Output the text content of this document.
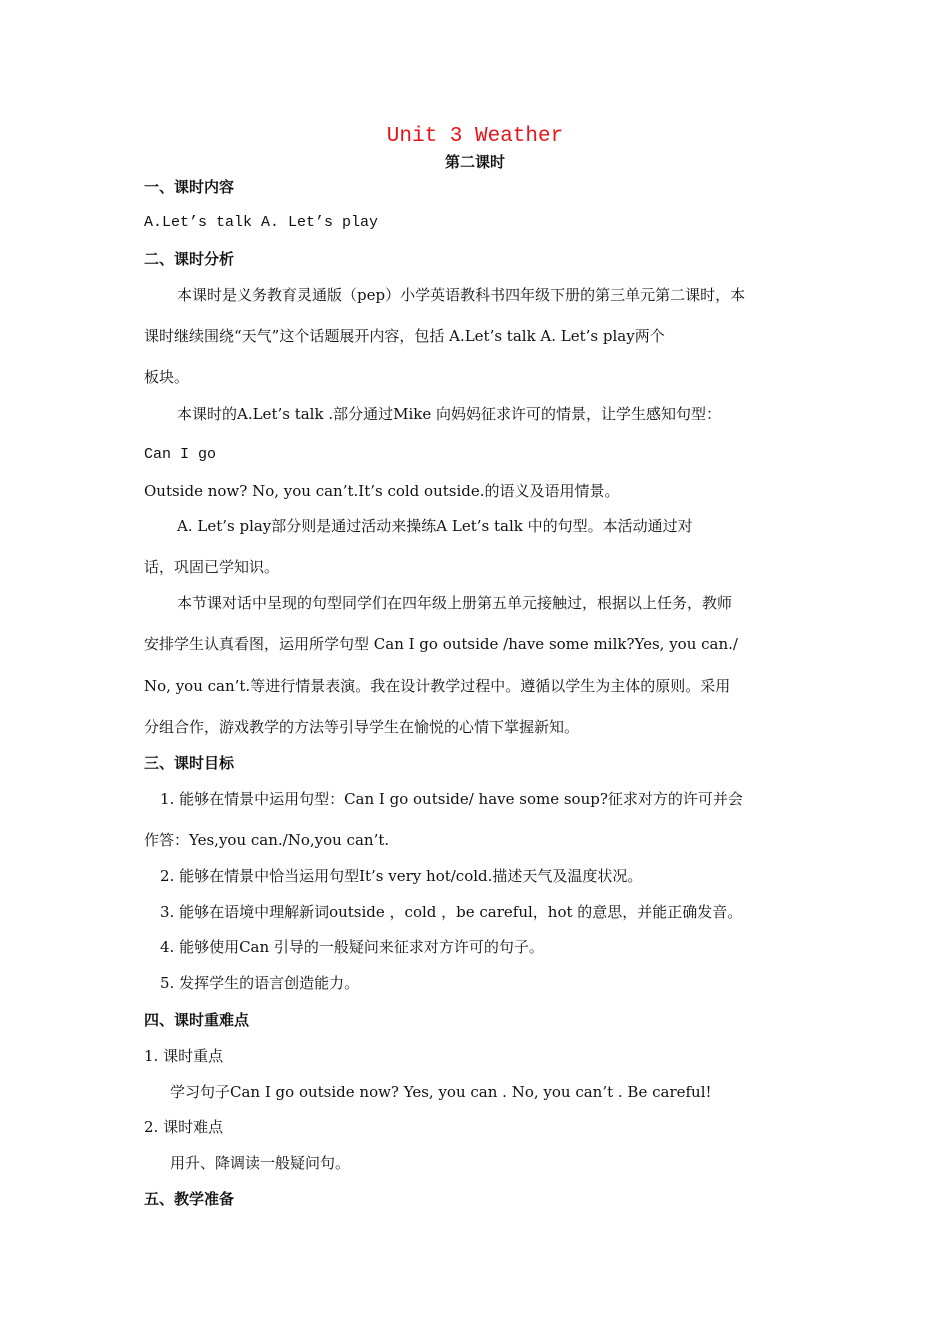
Unit 3 Weather
第二课时
一、课时内容
A.Let’s talk A. Let’s play
二、课时分析
本课时是义务教育灵通版（pep）小学英语教科书四年级下册的第三单元第二课时，本
课时继续围绕“天气”这个话题展开内容，包括 A.Let’s talk A. Let’s play两个
板块。
本课时的A.Let’s talk .部分通过Mike 向妈妈征求许可的情景，让学生感知句型：
Can I go
Outside now? No, you can’t.It’s cold outside.的语义及语用情景。
A. Let’s play部分则是通过活动来操练A Let’s talk 中的句型。本活动通过对
话，巩固已学知识。
本节课对话中呈现的句型同学们在四年级上册第五单元接触过，根据以上任务，教师
安排学生认真看图，运用所学句型 Can I go outside /have some milk?Yes, you can./
No, you can’t.等进行情景表演。我在设计教学过程中。遵循以学生为主体的原则。采用
分组合作，游戏教学的方法等引导学生在愉悦的心情下掌握新知。
三、课时目标
1. 能够在情景中运用句型：Can I go outside/ have some soup?征求对方的许可并会
作答：Yes,you can./No,you can’t.
2. 能够在情景中恰当运用句型It’s very hot/cold.描述天气及温度状况。
3. 能够在语境中理解新词outside ，cold ，be careful，hot 的意思，并能正确发音。
4. 能够使用Can 引导的一般疑问来征求对方许可的句子。
5. 发挥学生的语言创造能力。
四、课时重难点
1. 课时重点
学习句子Can I go outside now? Yes, you can . No, you can’t . Be careful!
2. 课时难点
用升、降调读一般疑问句。
五、教学准备
